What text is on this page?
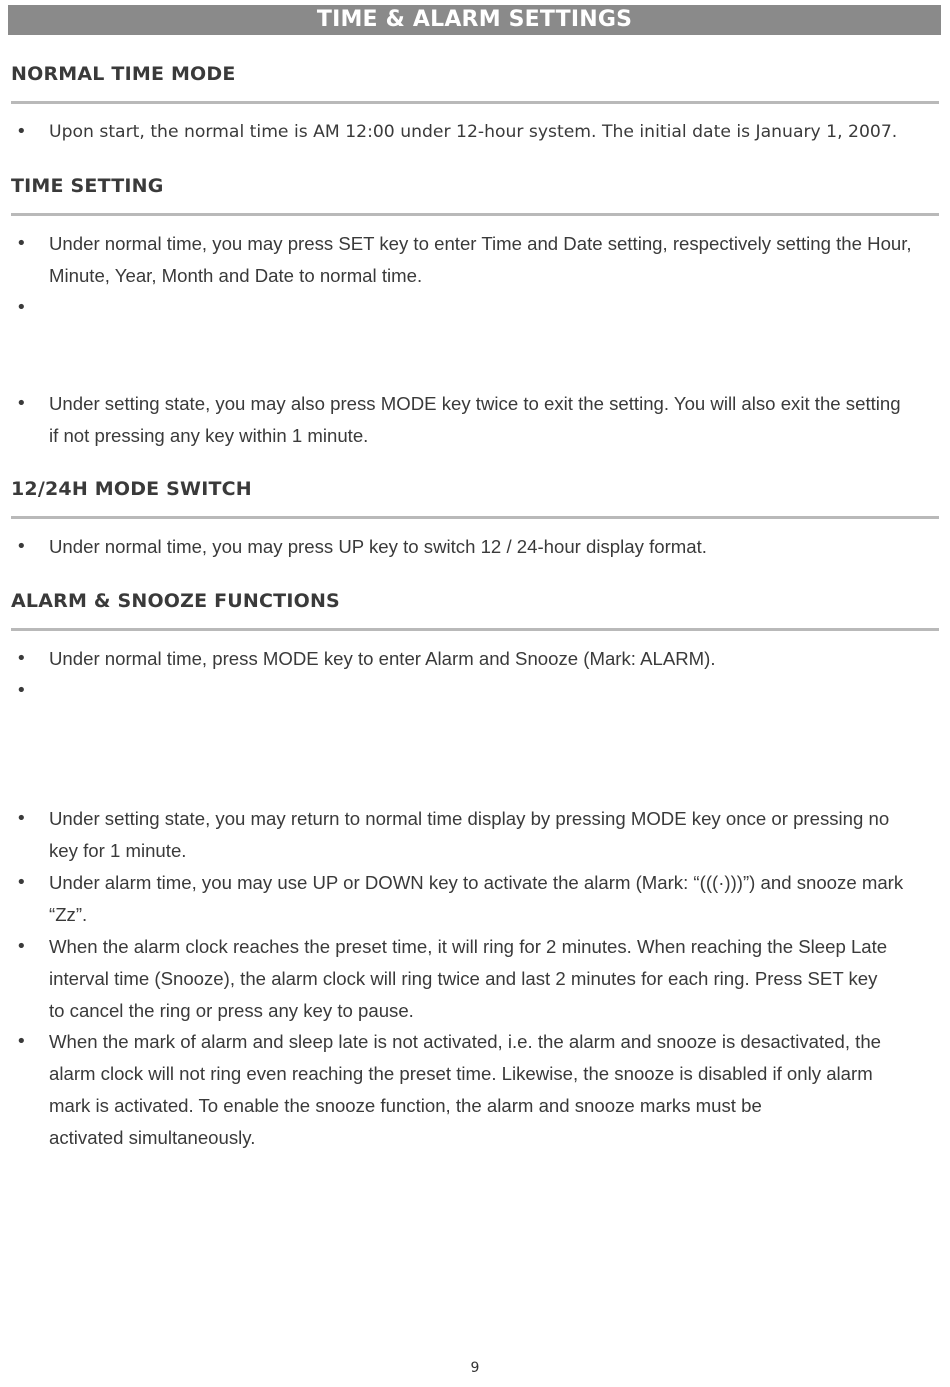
TIME & ALARM SETTINGS
NORMAL TIME MODE
• Upon start, the normal time is AM 12:00 under 12-hour system. The initial date is January 1, 2007.
TIME SETTING
• Under normal time, you may press SET key to enter Time and Date setting, respectively setting the Hour,
Minute, Year, Month and Date to normal time.
•
• Under setting state, you may also press MODE key twice to exit the setting. You will also exit the setting
if not pressing any key within 1 minute.
12/24H MODE SWITCH
• Under normal time, you may press UP key to switch 12 / 24-hour display format.
ALARM & SNOOZE FUNCTIONS
• Under normal time, press MODE key to enter Alarm and Snooze (Mark: ALARM).
•
• Under setting state, you may return to normal time display by pressing MODE key once or pressing no
key for 1 minute.
• Under alarm time, you may use UP or DOWN key to activate the alarm (Mark: “(((·)))”) and snooze mark
“Zz”.
• When the alarm clock reaches the preset time, it will ring for 2 minutes. When reaching the Sleep Late
interval time (Snooze), the alarm clock will ring twice and last 2 minutes for each ring. Press SET key
to cancel the ring or press any key to pause.
• When the mark of alarm and sleep late is not activated, i.e. the alarm and snooze is desactivated, the
alarm clock will not ring even reaching the preset time. Likewise, the snooze is disabled if only alarm
mark is activated. To enable the snooze function, the alarm and snooze marks must be
activated simultaneously.
9
